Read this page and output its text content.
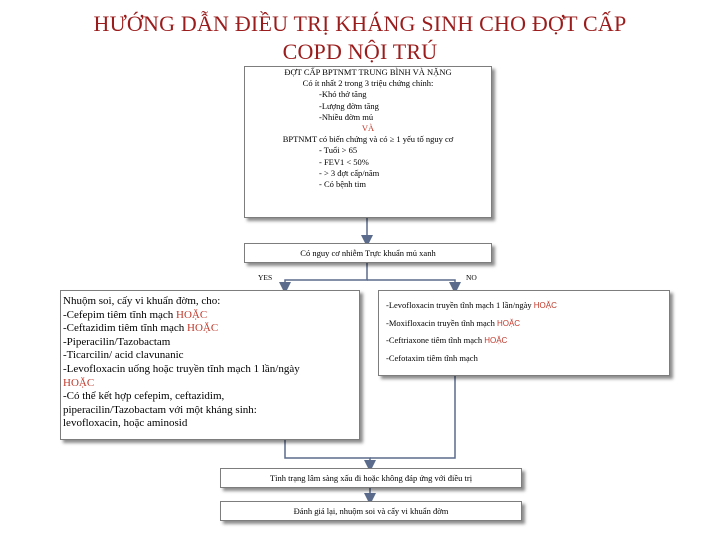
HƯỚNG DẪN ĐIỀU TRỊ KHÁNG SINH CHO ĐỢT CẤP
COPD NỘI TRÚ
ĐỢT CẤP BPTNMT TRUNG BÌNH VÀ NẶNG
Có ít nhất 2 trong 3 triệu chứng chính:
-Khó thở tăng
-Lượng đờm tăng
-Nhiều đờm mủ
VÀ
BPTNMT có biến chứng và có ≥ 1 yếu tố nguy cơ
- Tuổi > 65
- FEV1 < 50%
- > 3 đợt cấp/năm
- Có bệnh tim
Có nguy cơ nhiễm Trực khuẩn mủ xanh
YES	NO
Nhuộm soi, cấy vi khuẩn đờm, cho:
-Cefepim tiêm tĩnh mạch HOẶC
-Ceftazidim tiêm tĩnh mạch HOẶC
-Piperacilin/Tazobactam
-Ticarcilin/ acid clavunanic
-Levofloxacin uống hoặc truyền tĩnh mạch 1 lần/ngày
HOẶC
-Có thể kết hợp cefepim, ceftazidim,
piperacilin/Tazobactam với một kháng sinh:
levofloxacin, hoặc aminosid
-Levofloxacin truyền tĩnh mạch 1 lần/ngày HOẶC
-Moxifloxacin truyền tĩnh mạch HOẶC
-Ceftriaxone tiêm tĩnh mạch HOẶC
-Cefotaxim tiêm tĩnh mạch
Tình trạng lâm sàng xấu đi hoặc không đáp ứng với điều trị
Đánh giá lại, nhuộm soi và cấy vi khuẩn đờm
